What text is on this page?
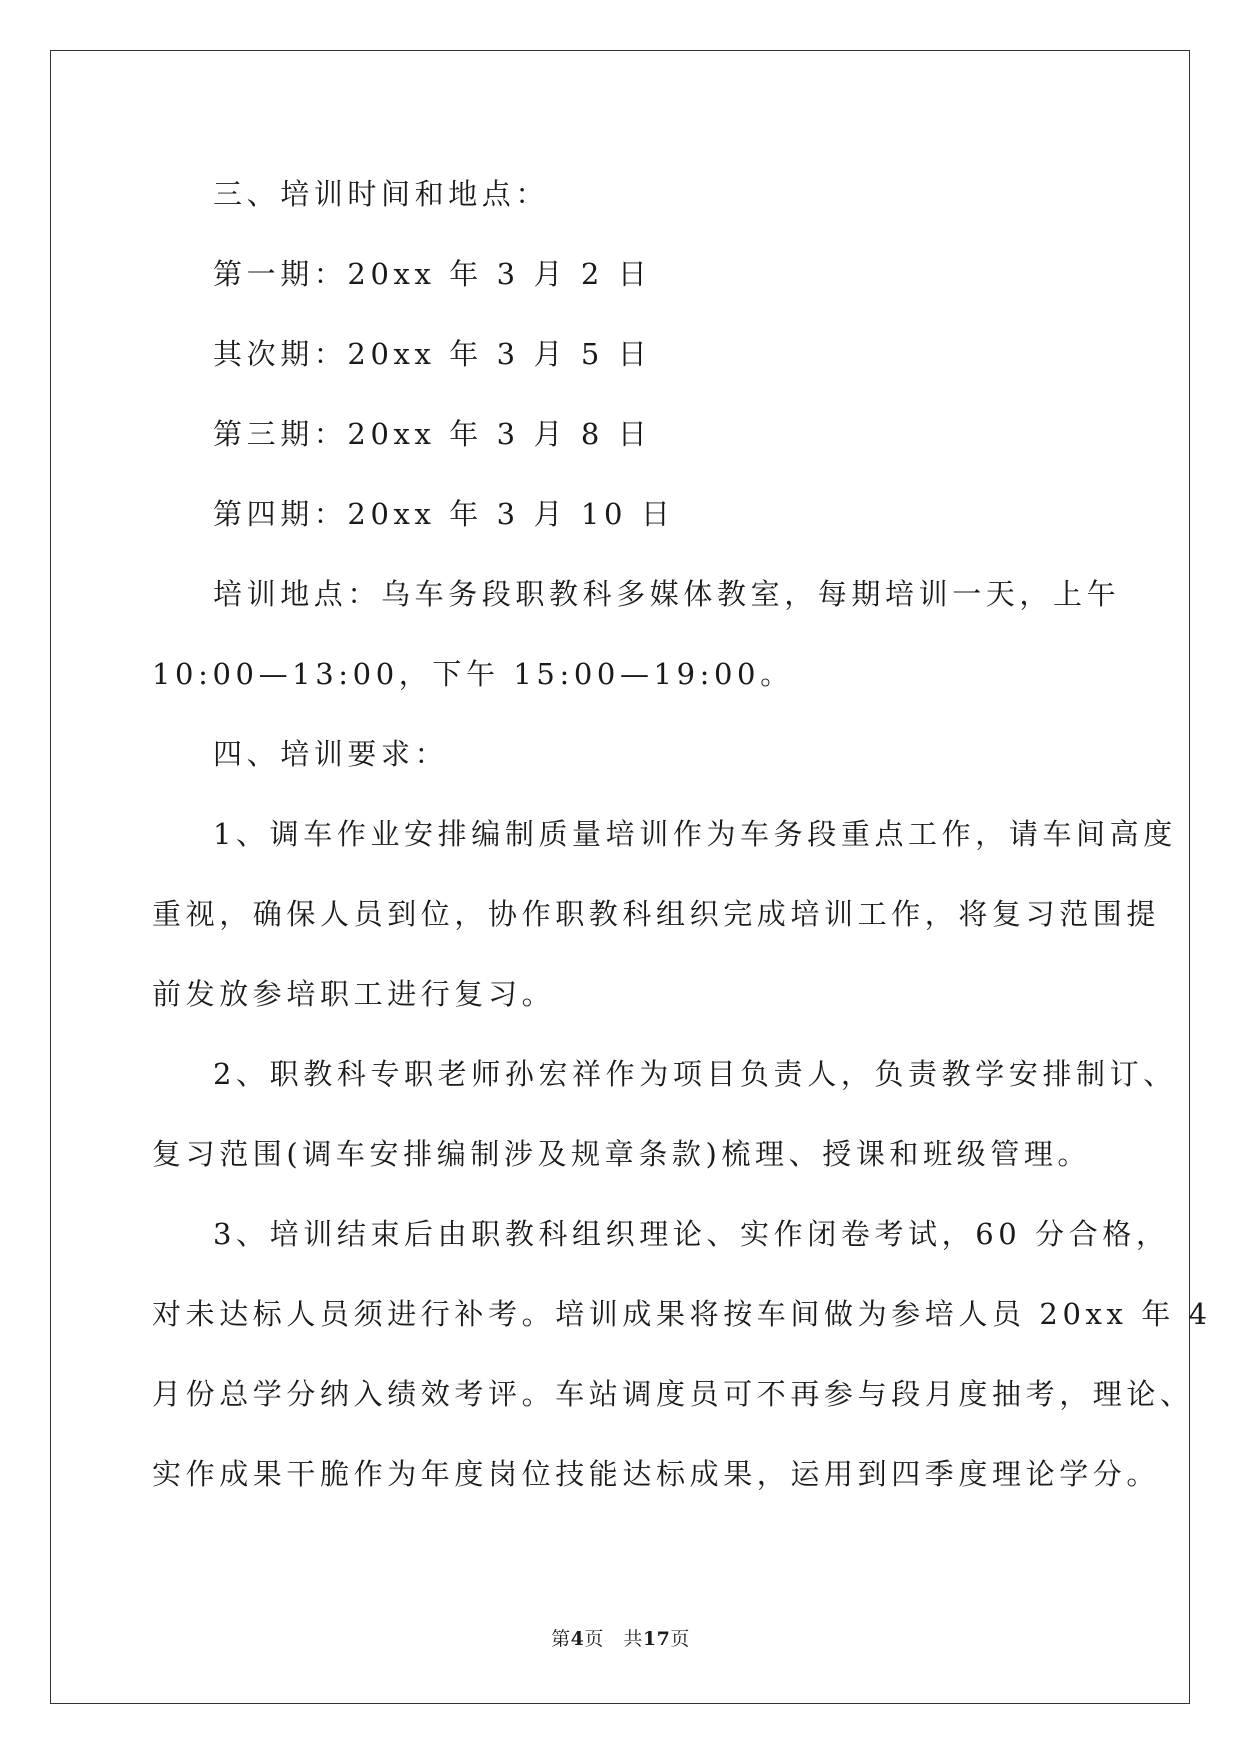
三、培训时间和地点：
第一期：20xx 年 3 月 2 日
其次期：20xx 年 3 月 5 日
第三期：20xx 年 3 月 8 日
第四期：20xx 年 3 月 10 日
培训地点：乌车务段职教科多媒体教室，每期培训一天，上午
10:00—13:00，下午 15:00—19:00。
四、培训要求：
1、调车作业安排编制质量培训作为车务段重点工作，请车间高度
重视，确保人员到位，协作职教科组织完成培训工作，将复习范围提
前发放参培职工进行复习。
2、职教科专职老师孙宏祥作为项目负责人，负责教学安排制订、
复习范围(调车安排编制涉及规章条款)梳理、授课和班级管理。
3、培训结束后由职教科组织理论、实作闭卷考试，60 分合格，
对未达标人员须进行补考。培训成果将按车间做为参培人员 20xx 年 4
月份总学分纳入绩效考评。车站调度员可不再参与段月度抽考，理论、
实作成果干脆作为年度岗位技能达标成果，运用到四季度理论学分。
第4页　共17页
